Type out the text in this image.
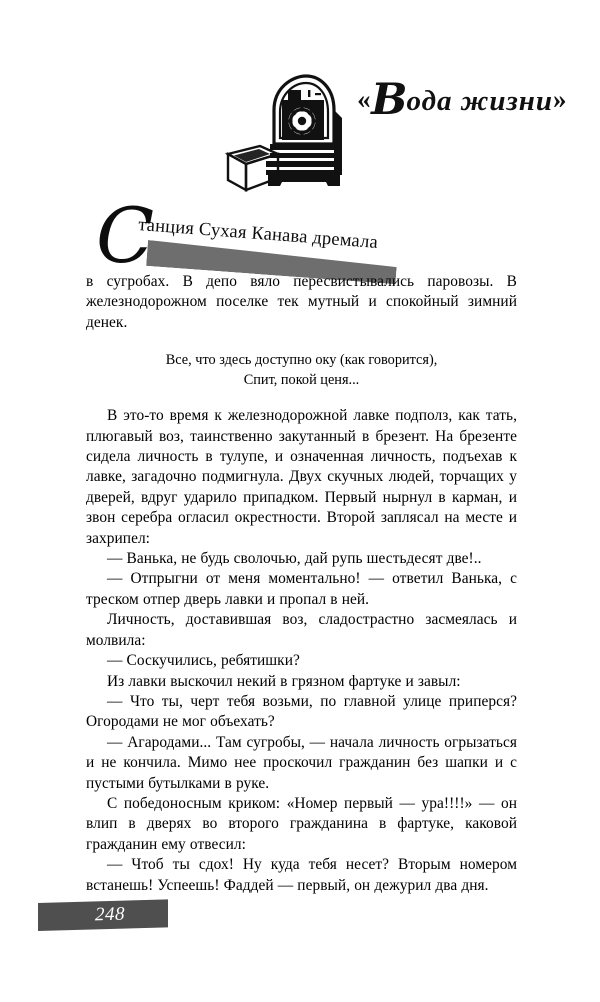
«Вода жизни»
С
танция Сухая Канава дремала

в сугробах. В депо вяло пересвистывались паровозы. В железнодорожном поселке тек мутный и спокойный зимний денек.

Все, что здесь доступно оку (как говорится),
Спит, покой ценя...

В это-то время к железнодорожной лавке подполз, как тать, плюгавый воз, таинственно закутанный в брезент. На брезенте сидела личность в тулупе, и означенная личность, подъехав к лавке, загадочно подмигнула. Двух скучных людей, торчащих у дверей, вдруг ударило припадком. Первый нырнул в карман, и звон серебра огласил окрестности. Второй заплясал на месте и захрипел:

— Ванька, не будь сволочью, дай рупь шестьдесят две!..

— Отпрыгни от меня моментально! — ответил Ванька, с треском отпер дверь лавки и пропал в ней.

Личность, доставившая воз, сладострастно засмеялась и молвила:

— Соскучились, ребятишки?

Из лавки выскочил некий в грязном фартуке и завыл:

— Что ты, черт тебя возьми, по главной улице приперся? Огородами не мог объехать?

— Агародами... Там сугробы, — начала личность огрызаться и не кончила. Мимо нее проскочил гражданин без шапки и с пустыми бутылками в руке.

С победоносным криком: «Номер первый — ура!!!!» — он влип в дверях во второго гражданина в фартуке, каковой гражданин ему отвесил:

— Чтоб ты сдох! Ну куда тебя несет? Вторым номером встанешь! Успеешь! Фаддей — первый, он дежурил два дня.

248
